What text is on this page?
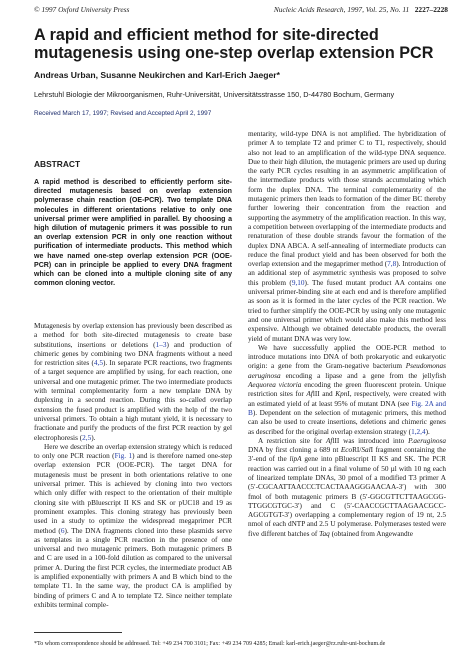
© 1997 Oxford University Press	Nucleic Acids Research, 1997, Vol. 25, No. 11 2227–2228
A rapid and efficient method for site-directed mutagenesis using one-step overlap extension PCR
Andreas Urban, Susanne Neukirchen and Karl-Erich Jaeger*
Lehrstuhl Biologie der Mikroorganismen, Ruhr-Universität, Universitätsstrasse 150, D-44780 Bochum, Germany
Received March 17, 1997; Revised and Accepted April 2, 1997
ABSTRACT

A rapid method is described to efficiently perform site-directed mutagenesis based on overlap extension polymerase chain reaction (OE-PCR). Two template DNA molecules in different orientations relative to only one universal primer were amplified in parallel. By choosing a high dilution of mutagenic primers it was possible to run an overlap extension PCR in only one reaction without purification of intermediate products. This method which we have named one-step overlap extension PCR (OOE-PCR) can in principle be applied to every DNA fragment which can be cloned into a multiple cloning site of any common cloning vector.

Mutagenesis by overlap extension has previously been described as a method for both site-directed mutagenesis to create base substitutions, insertions or deletions (1–3) and production of chimeric genes by combining two DNA fragments without a need for restriction sites (4,5). In separate PCR reactions, two fragments of a target sequence are amplified by using, for each reaction, one universal and one mutagenic primer. The two intermediate products with terminal complementarity form a new template DNA by duplexing in a second reaction. During this so-called overlap extension the fused product is amplified with the help of the two universal primers. To obtain a high mutant yield, it is necessary to fractionate and purify the products of the first PCR reaction by gel electrophoresis (2,5).

Here we describe an overlap extension strategy which is reduced to only one PCR reaction (Fig. 1) and is therefore named one-step overlap extension PCR (OOE-PCR). The target DNA for mutagenesis must be present in both orientations relative to one universal primer. This is achieved by cloning into two vectors which only differ with respect to the orientation of their multiple cloning site with pBluescript II KS and SK or pUC18 and 19 as prominent examples. This cloning strategy has previously been used in a study to optimize the widespread megaprimer PCR method (6). The DNA fragments cloned into these plasmids serve as templates in a single PCR reaction in the presence of one universal and two mutagenic primers. Both mutagenic primers B and C are used in a 100-fold dilution as compared to the universal primer A. During the first PCR cycles, the intermediate product AB is amplified exponentially with primers A and B which bind to the template T1. In the same way, the product CA is amplified by binding of primers C and A to template T2. Since neither template exhibits terminal comple-

mentarity, wild-type DNA is not amplified. The hybridization of primer A to template T2 and primer C to T1, respectively, should also not lead to an amplification of the wild-type DNA sequence. Due to their high dilution, the mutagenic primers are used up during the early PCR cycles resulting in an asymmetric amplification of the intermediate products with those strands accumulating which form the duplex DNA. The terminal complementarity of the mutagenic primers then leads to formation of the dimer BC thereby further lowering their concentration from the reaction and supporting the asymmetry of the amplification reaction. In this way, a competition between overlapping of the intermediate products and renaturation of these double strands favour the formation of the duplex DNA ABCA. A self-annealing of intermediate products can reduce the final product yield and has been observed for both the overlap extension and the megaprimer method (7,8). Introduction of an additional step of asymmetric synthesis was proposed to solve this problem (9,10). The fused mutant product AA contains one universal primer-binding site at each end and is therefore amplified as soon as it is formed in the later cycles of the PCR reaction. We tried to further simplify the OOE-PCR by using only one mutagenic and one universal primer which would also make this method less expensive. Although we obtained detectable products, the overall yield of mutant DNA was very low.

We have successfully applied the OOE-PCR method to introduce mutations into DNA of both prokaryotic and eukaryotic origin: a gene from the Gram-negative bacterium Pseudomonas aeruginosa encoding a lipase and a gene from the jellyfish Aequorea victoria encoding the green fluorescent protein. Unique restriction sites for AflII and KpnI, respectively, were created with an estimated yield of at least 95% of mutant DNA (see Fig. 2A and B). Dependent on the selection of mutagenic primers, this method can also be used to create insertions, deletions and chimeric genes as described for the original overlap extension strategy (1,2,4).

A restriction site for AflII was introduced into P.aeruginosa DNA by first cloning a 689 nt EcoRI/SalI fragment containing the 3′-end of the lipA gene into pBluescript II KS and SK. The PCR reaction was carried out in a final volume of 50 µl with 10 ng each of linearized template DNAs, 30 pmol of a modified T3 primer A (5′-CGCAATTAACCCTCACTAAAGGGAACAA-3′) with 300 fmol of both mutagenic primers B (5′-GGCGTTCTTAAGCGG-TTGGCGTGC-3′) and C (5′-CAACCGCTTAAGAACGCC-AGCGTGT-3′) overlapping a complementary region of 19 nt, 2.5 nmol of each dNTP and 2.5 U polymerase. Polymerases tested were five different batches of Taq (obtained from Angewandte

*To whom correspondence should be addressed. Tel: +49 234 700 3101; Fax: +49 234 709 4285; Email: karl-erich.jaeger@rz.ruhr-uni-bochum.de
